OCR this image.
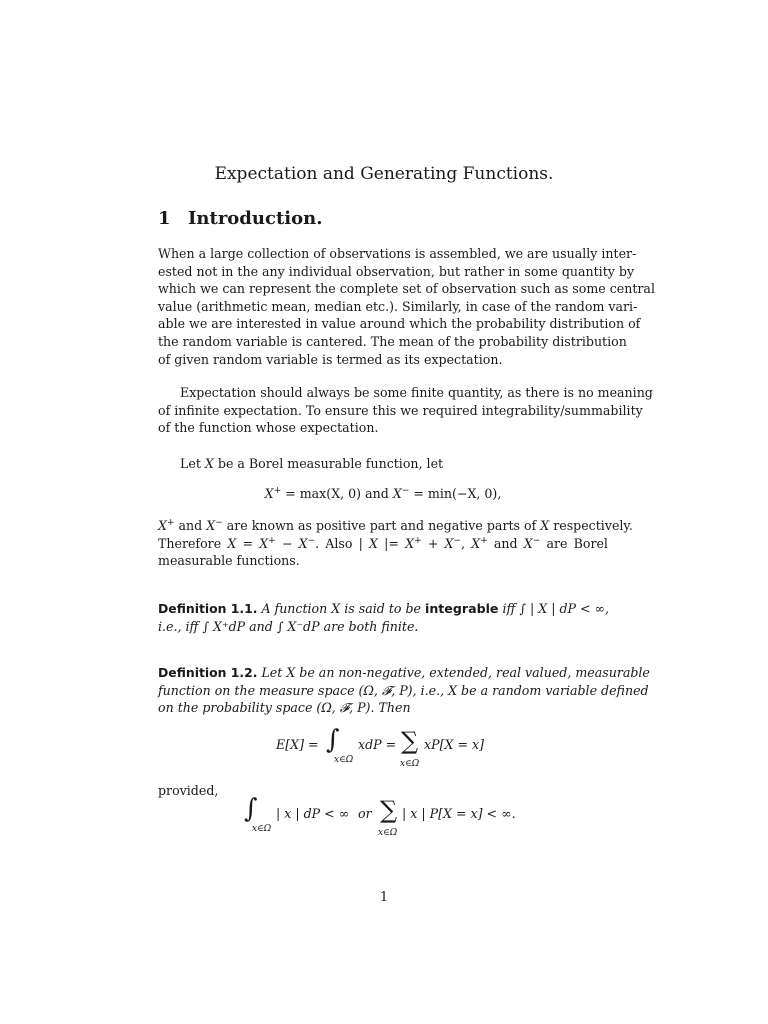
Expectation and Generating Functions.
1 Introduction.
When a large collection of observations is assembled, we are usually inter-
ested not in the any individual observation, but rather in some quantity by
which we can represent the complete set of observation such as some central
value (arithmetic mean, median etc.). Similarly, in case of the random vari-
able we are interested in value around which the probability distribution of
the random variable is cantered. The mean of the probability distribution
of given random variable is termed as its expectation.
Expectation should always be some finite quantity, as there is no meaning
of infinite expectation. To ensure this we required integrability/summability
of the function whose expectation.
Let X be a Borel measurable function, let
X+ = max(X, 0) and X− = min(−X, 0),
X+ and X− are known as positive part and negative parts of X respectively.
Therefore X = X+ − X−. Also | X |= X+ + X−, X+ and X− are Borel
measurable functions.
Definition 1.1. A function X is said to be integrable iff ∫ | X | dP < ∞,
i.e., iff ∫ X⁺dP and ∫ X⁻dP are both finite.
Definition 1.2. Let X be an non-negative, extended, real valued, measurable
function on the measure space (Ω, 𝓕, P), i.e., X be a random variable defined
on the probability space (Ω, 𝓕, P). Then
E[X] = ∫
x∈Ω
xdP = ∑
x∈Ω
xP[X = x]
provided,
∫
x∈Ω
| x | dP < ∞ or ∑
x∈Ω
| x | P[X = x] < ∞.
1
